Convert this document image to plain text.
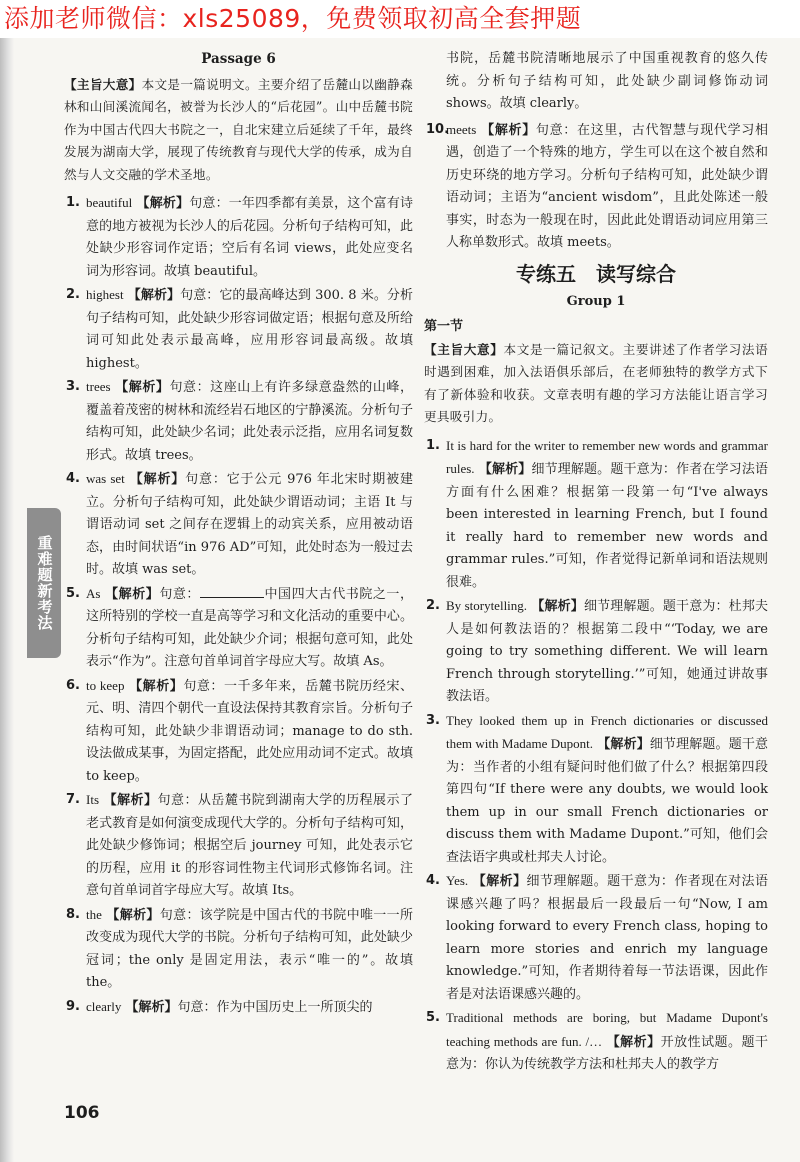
添加老师微信：xls25089，免费领取初高全套押题
重难题新考法
Passage 6

【主旨大意】本文是一篇说明文。主要介绍了岳麓山以幽静森林和山间溪流闻名，被誉为长沙人的“后花园”。山中岳麓书院作为中国古代四大书院之一，自北宋建立后延续了千年，最终发展为湖南大学，展现了传统教育与现代大学的传承，成为自然与人文交融的学术圣地。

1. beautiful 【解析】句意：一年四季都有美景，这个富有诗意的地方被视为长沙人的后花园。分析句子结构可知，此处缺少形容词作定语；空后有名词 views，此处应变名词为形容词。故填 beautiful。
2. highest 【解析】句意：它的最高峰达到 300. 8 米。分析句子结构可知，此处缺少形容词做定语；根据句意及所给词可知此处表示最高峰，应用形容词最高级。故填 highest。
3. trees 【解析】句意：这座山上有许多绿意盎然的山峰，覆盖着茂密的树林和流经岩石地区的宁静溪流。分析句子结构可知，此处缺少名词；此处表示泛指，应用名词复数形式。故填 trees。
4. was set 【解析】句意：它于公元 976 年北宋时期被建立。分析句子结构可知，此处缺少谓语动词；主语 It 与谓语动词 set 之间存在逻辑上的动宾关系，应用被动语态，由时间状语“in 976 AD”可知，此处时态为一般过去时。故填 was set。
5. As 【解析】句意：	中国四大古代书院之一，这所特别的学校一直是高等学习和文化活动的重要中心。分析句子结构可知，此处缺少介词；根据句意可知，此处表示“作为”。注意句首单词首字母应大写。故填 As。
6. to keep 【解析】句意：一千多年来，岳麓书院历经宋、元、明、清四个朝代一直设法保持其教育宗旨。分析句子结构可知，此处缺少非谓语动词；manage to do sth. 设法做成某事，为固定搭配，此处应用动词不定式。故填 to keep。
7. Its 【解析】句意：从岳麓书院到湖南大学的历程展示了老式教育是如何演变成现代大学的。分析句子结构可知，此处缺少修饰词；根据空后 journey 可知，此处表示它的历程，应用 it 的形容词性物主代词形式修饰名词。注意句首单词首字母应大写。故填 Its。
8. the 【解析】句意：该学院是中国古代的书院中唯一一所改变成为现代大学的书院。分析句子结构可知，此处缺少冠词；the only 是固定用法，表示“唯一的”。故填 the。
9. clearly 【解析】句意：作为中国历史上一所顶尖的

书院，岳麓书院清晰地展示了中国重视教育的悠久传统。分析句子结构可知，此处缺少副词修饰动词 shows。故填 clearly。

10.
meets 【解析】句意：在这里，古代智慧与现代学习相遇，创造了一个特殊的地方，学生可以在这个被自然和历史环绕的地方学习。分析句子结构可知，此处缺少谓语动词；主语为“ancient wisdom”，且此处陈述一般事实，时态为一般现在时，因此此处谓语动词应用第三人称单数形式。故填 meets。
专练五　读写综合
Group 1
第一节

【主旨大意】本文是一篇记叙文。主要讲述了作者学习法语时遇到困难，加入法语俱乐部后，在老师独特的教学方式下有了新体验和收获。文章表明有趣的学习方法能让语言学习更具吸引力。

1. It is hard for the writer to remember new words and grammar rules. 【解析】细节理解题。题干意为：作者在学习法语方面有什么困难？根据第一段第一句“I've always been interested in learning French, but I found it really hard to remember new words and grammar rules.”可知，作者觉得记新单词和语法规则很难。
2. By storytelling. 【解析】细节理解题。题干意为：杜邦夫人是如何教法语的？根据第二段中“‘Today, we are going to try something different. We will learn French through storytelling.’”可知，她通过讲故事教法语。
3. They looked them up in French dictionaries or discussed them with Madame Dupont. 【解析】细节理解题。题干意为：当作者的小组有疑问时他们做了什么？根据第四段第四句“If there were any doubts, we would look them up in our small French dictionaries or discuss them with Madame Dupont.”可知，他们会查法语字典或杜邦夫人讨论。
4. Yes. 【解析】细节理解题。题干意为：作者现在对法语课感兴趣了吗？根据最后一段最后一句“Now, I am looking forward to every French class, hoping to learn more stories and enrich my language knowledge.”可知，作者期待着每一节法语课，因此作者是对法语课感兴趣的。
5. Traditional methods are boring, but Madame Dupont's teaching methods are fun. /… 【解析】开放性试题。题干意为：你认为传统教学方法和杜邦夫人的教学方
106
